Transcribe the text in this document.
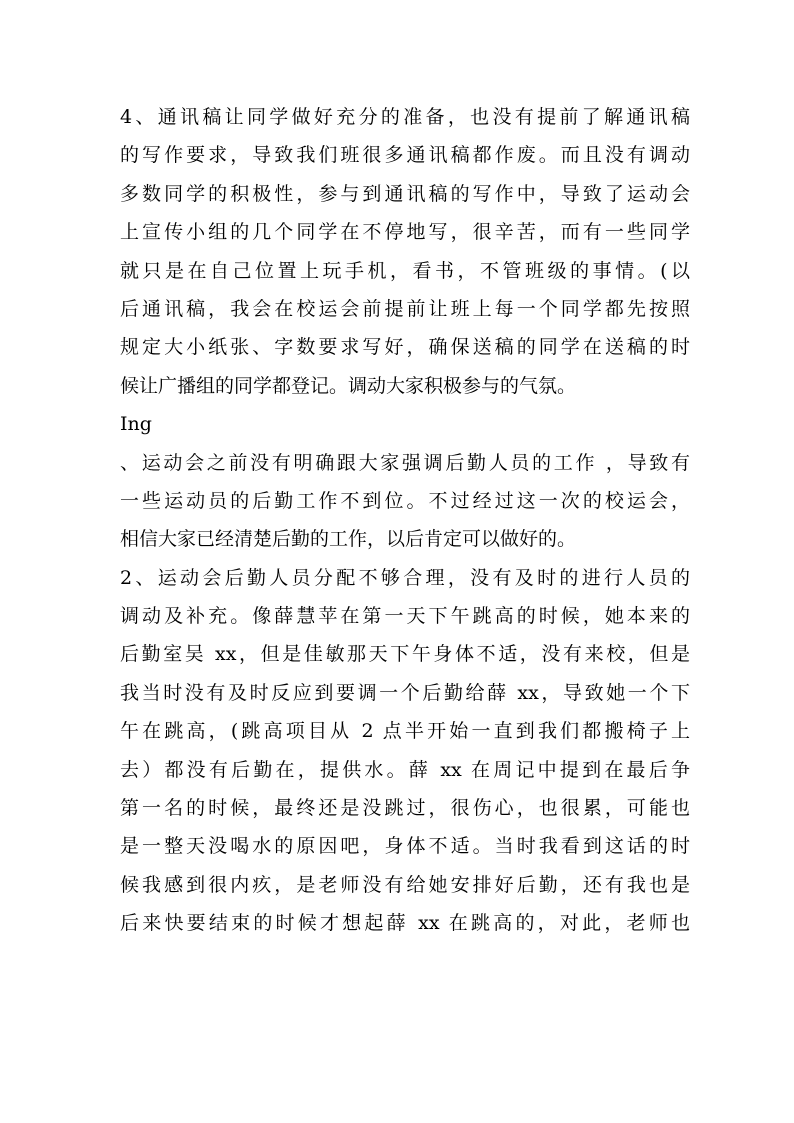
4、通讯稿让同学做好充分的准备，也没有提前了解通讯稿
的写作要求，导致我们班很多通讯稿都作废。而且没有调动
多数同学的积极性，参与到通讯稿的写作中，导致了运动会
上宣传小组的几个同学在不停地写，很辛苦，而有一些同学
就只是在自己位置上玩手机，看书，不管班级的事情。(以
后通讯稿，我会在校运会前提前让班上每一个同学都先按照
规定大小纸张、字数要求写好，确保送稿的同学在送稿的时
候让广播组的同学都登记。调动大家积极参与的气氛。
Ing
、运动会之前没有明确跟大家强调后勤人员的工作 ，导致有
一些运动员的后勤工作不到位。不过经过这一次的校运会，
相信大家已经清楚后勤的工作，以后肯定可以做好的。
2、运动会后勤人员分配不够合理，没有及时的进行人员的
调动及补充。像薛慧苹在第一天下午跳高的时候，她本来的
后勤室吴 xx，但是佳敏那天下午身体不适，没有来校，但是
我当时没有及时反应到要调一个后勤给薛 xx，导致她一个下
午在跳高，(跳高项目从 2 点半开始一直到我们都搬椅子上
去）都没有后勤在，提供水。薛 xx 在周记中提到在最后争
第一名的时候，最终还是没跳过，很伤心，也很累，可能也
是一整天没喝水的原因吧，身体不适。当时我看到这话的时
候我感到很内疚，是老师没有给她安排好后勤，还有我也是
后来快要结束的时候才想起薛 xx 在跳高的，对此，老师也
